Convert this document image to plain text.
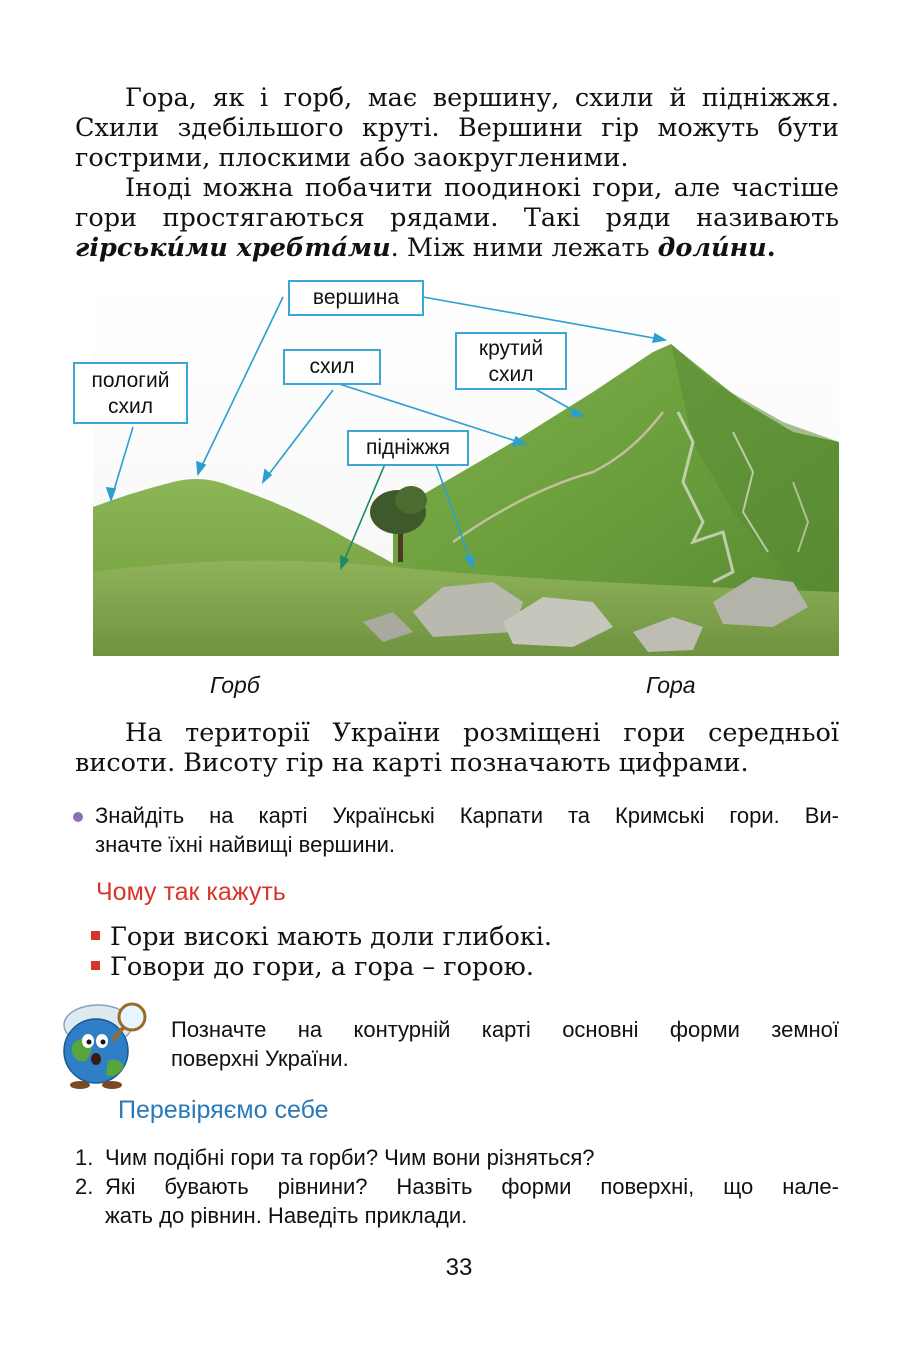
Гора, як і горб, має вершину, схили й підніжжя.
Схили здебільшого круті. Вершини гір можуть бути
гострими, плоскими або заокругленими.
Іноді можна побачити поодинокі гори, але частіше
гори простягаються рядами. Такі ряди називають
гірськи́ми хребта́ми. Між ними лежать доли́ни.
вершина
пологий
схил
схил
крутий
схил
підніжжя
Горб	Гора
На території України розміщені гори середньої
висоти. Висоту гір на карті позначають цифрами.
Знайдіть на карті Українські Карпати та Кримські гори. Ви-
значте їхні найвищі вершини.
Чому так кажуть
Гори високі мають доли глибокі.
Говори до гори, а гора – горою.
Позначте на контурній карті основні форми земної
поверхні України.
Перевіряємо себе
1. Чим подібні гори та горби? Чим вони різняться?
2. Які бувають рівнини? Назвіть форми поверхні, що нале-
жать до рівнин. Наведіть приклади.
33
